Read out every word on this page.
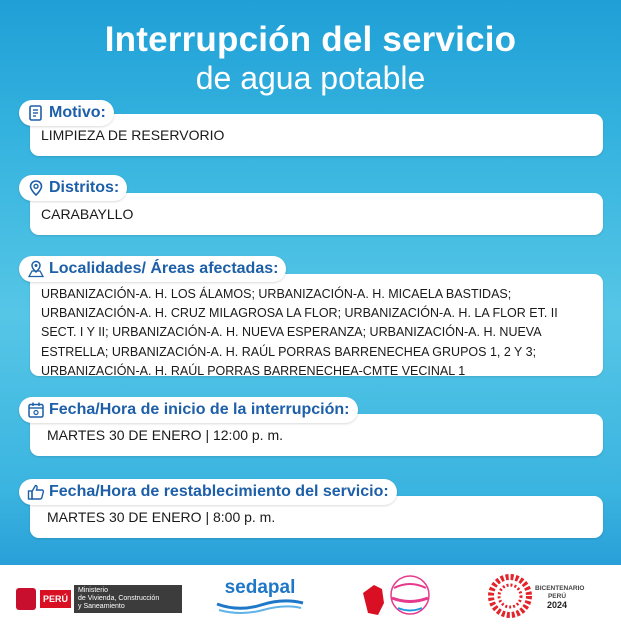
Interrupción del servicio
de agua potable
LIMPIEZA DE RESERVORIO
Motivo:
CARABAYLLO
Distritos:
URBANIZACIÓN-A. H. LOS ÁLAMOS; URBANIZACIÓN-A. H. MICAELA BASTIDAS;
URBANIZACIÓN-A. H. CRUZ MILAGROSA LA FLOR; URBANIZACIÓN-A. H. LA FLOR ET. II
SECT. I Y II; URBANIZACIÓN-A. H. NUEVA ESPERANZA; URBANIZACIÓN-A. H. NUEVA
ESTRELLA; URBANIZACIÓN-A. H. RAÚL PORRAS BARRENECHEA GRUPOS 1, 2 Y 3;
URBANIZACIÓN-A. H. RAÚL PORRAS BARRENECHEA-CMTE VECINAL 1
Localidades/ Áreas afectadas:
MARTES 30 DE ENERO | 12:00 p. m.
Fecha/Hora de inicio de la interrupción:
MARTES 30 DE ENERO | 8:00 p. m.
Fecha/Hora de restablecimiento del servicio:
PERÚ
Ministerio
de Vivienda, Construcción
y Saneamiento
sedapal	BICENTENARIO
PERÚ
2024
